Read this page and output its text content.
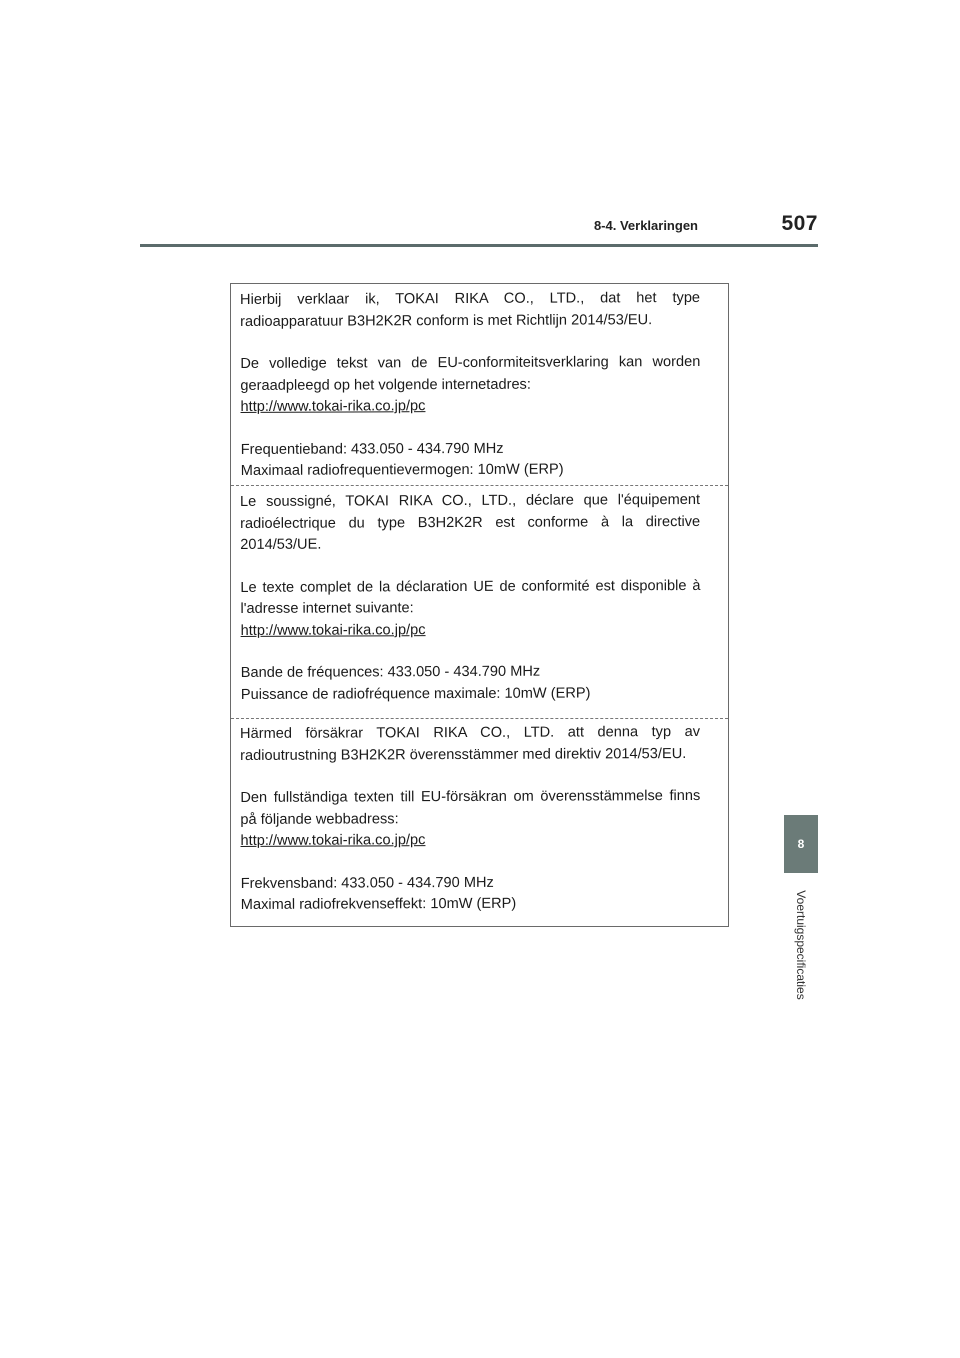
8-4. Verklaringen	507
8
Voertuigspecificaties

Hierbij verklaar ik, TOKAI RIKA CO., LTD., dat het type

radioapparatuur B3H2K2R conform is met Richtlijn 2014/53/EU.

De volledige tekst van de EU-conformiteitsverklaring kan worden

geraadpleegd op het volgende internetadres:

http://www.tokai-rika.co.jp/pc

Frequentieband: 433.050 - 434.790 MHz

Maximaal radiofrequentievermogen: 10mW (ERP)

Le soussigné, TOKAI RIKA CO., LTD., déclare que l'équipement

radioélectrique du type B3H2K2R est conforme à la directive

2014/53/UE.

Le texte complet de la déclaration UE de conformité est disponible à

l'adresse internet suivante:

http://www.tokai-rika.co.jp/pc

Bande de fréquences: 433.050 - 434.790 MHz

Puissance de radiofréquence maximale: 10mW (ERP)

Härmed försäkrar TOKAI RIKA CO., LTD. att denna typ av

radioutrustning B3H2K2R överensstämmer med direktiv 2014/53/EU.

Den fullständiga texten till EU-försäkran om överensstämmelse finns

på följande webbadress:

http://www.tokai-rika.co.jp/pc

Frekvensband: 433.050 - 434.790 MHz

Maximal radiofrekvenseffekt: 10mW (ERP)
